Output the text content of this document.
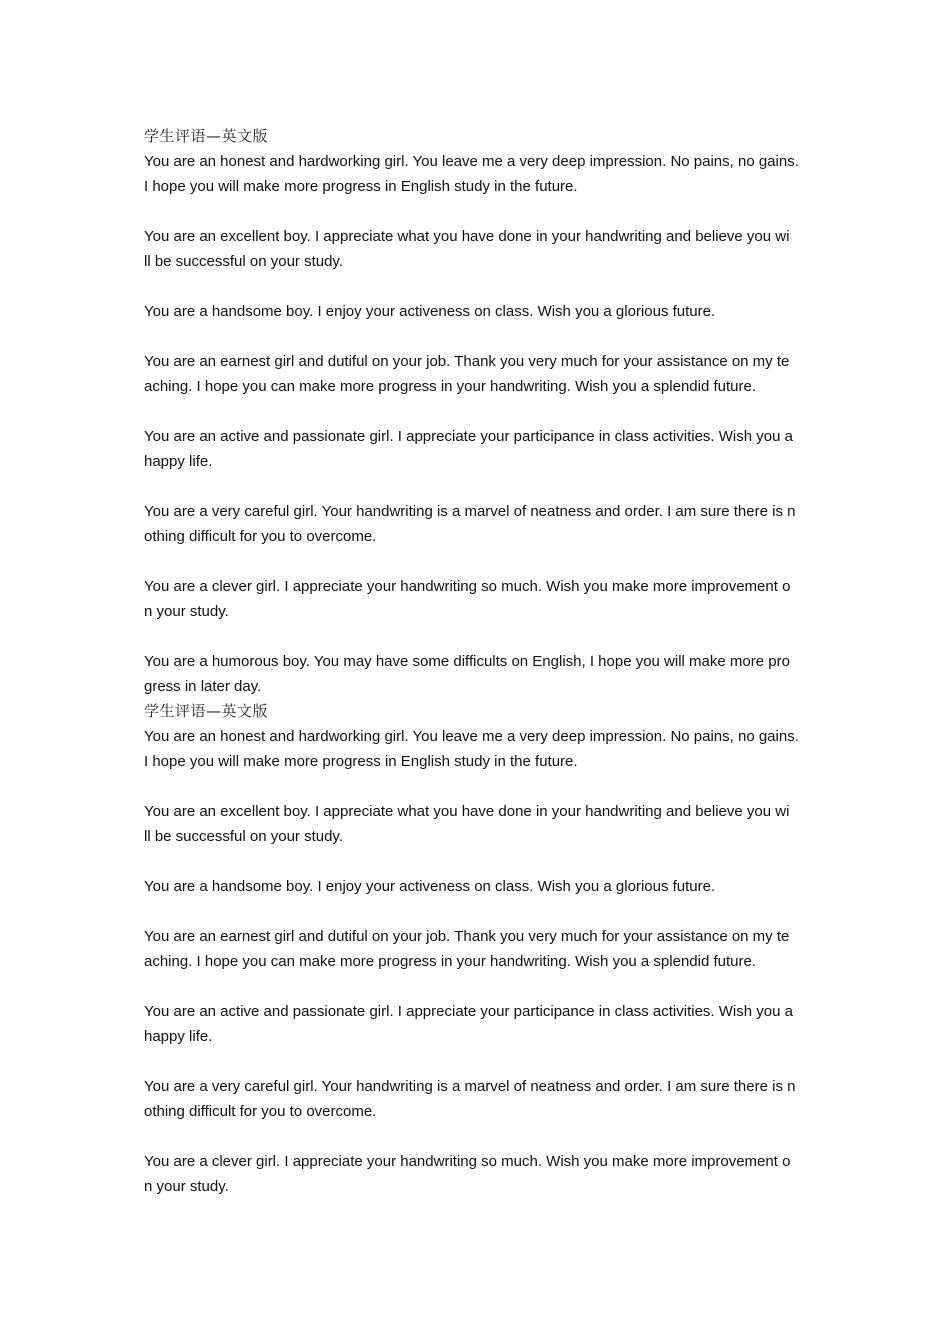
学生评语—英文版
You are an honest and hardworking girl. You leave me a very deep impression. No pains, no gains.
I hope you will make more progress in English study in the future.
You are an excellent boy. I appreciate what you have done in your handwriting and believe you wi
ll be successful on your study.
You are a handsome boy. I enjoy your activeness on class. Wish you a glorious future.
You are an earnest girl and dutiful on your job. Thank you very much for your assistance on my te
aching. I hope you can make more progress in your handwriting. Wish you a splendid future.
You are an active and passionate girl. I appreciate your participance in class activities. Wish you a
happy life.
You are a very careful girl. Your handwriting is a marvel of neatness and order. I am sure there is n
othing difficult for you to overcome.
You are a clever girl. I appreciate your handwriting so much. Wish you make more improvement o
n your study.
You are a humorous boy. You may have some difficults on English, I hope you will make more pro
gress in later day.
学生评语—英文版
You are an honest and hardworking girl. You leave me a very deep impression. No pains, no gains.
I hope you will make more progress in English study in the future.
You are an excellent boy. I appreciate what you have done in your handwriting and believe you wi
ll be successful on your study.
You are a handsome boy. I enjoy your activeness on class. Wish you a glorious future.
You are an earnest girl and dutiful on your job. Thank you very much for your assistance on my te
aching. I hope you can make more progress in your handwriting. Wish you a splendid future.
You are an active and passionate girl. I appreciate your participance in class activities. Wish you a
happy life.
You are a very careful girl. Your handwriting is a marvel of neatness and order. I am sure there is n
othing difficult for you to overcome.
You are a clever girl. I appreciate your handwriting so much. Wish you make more improvement o
n your study.
